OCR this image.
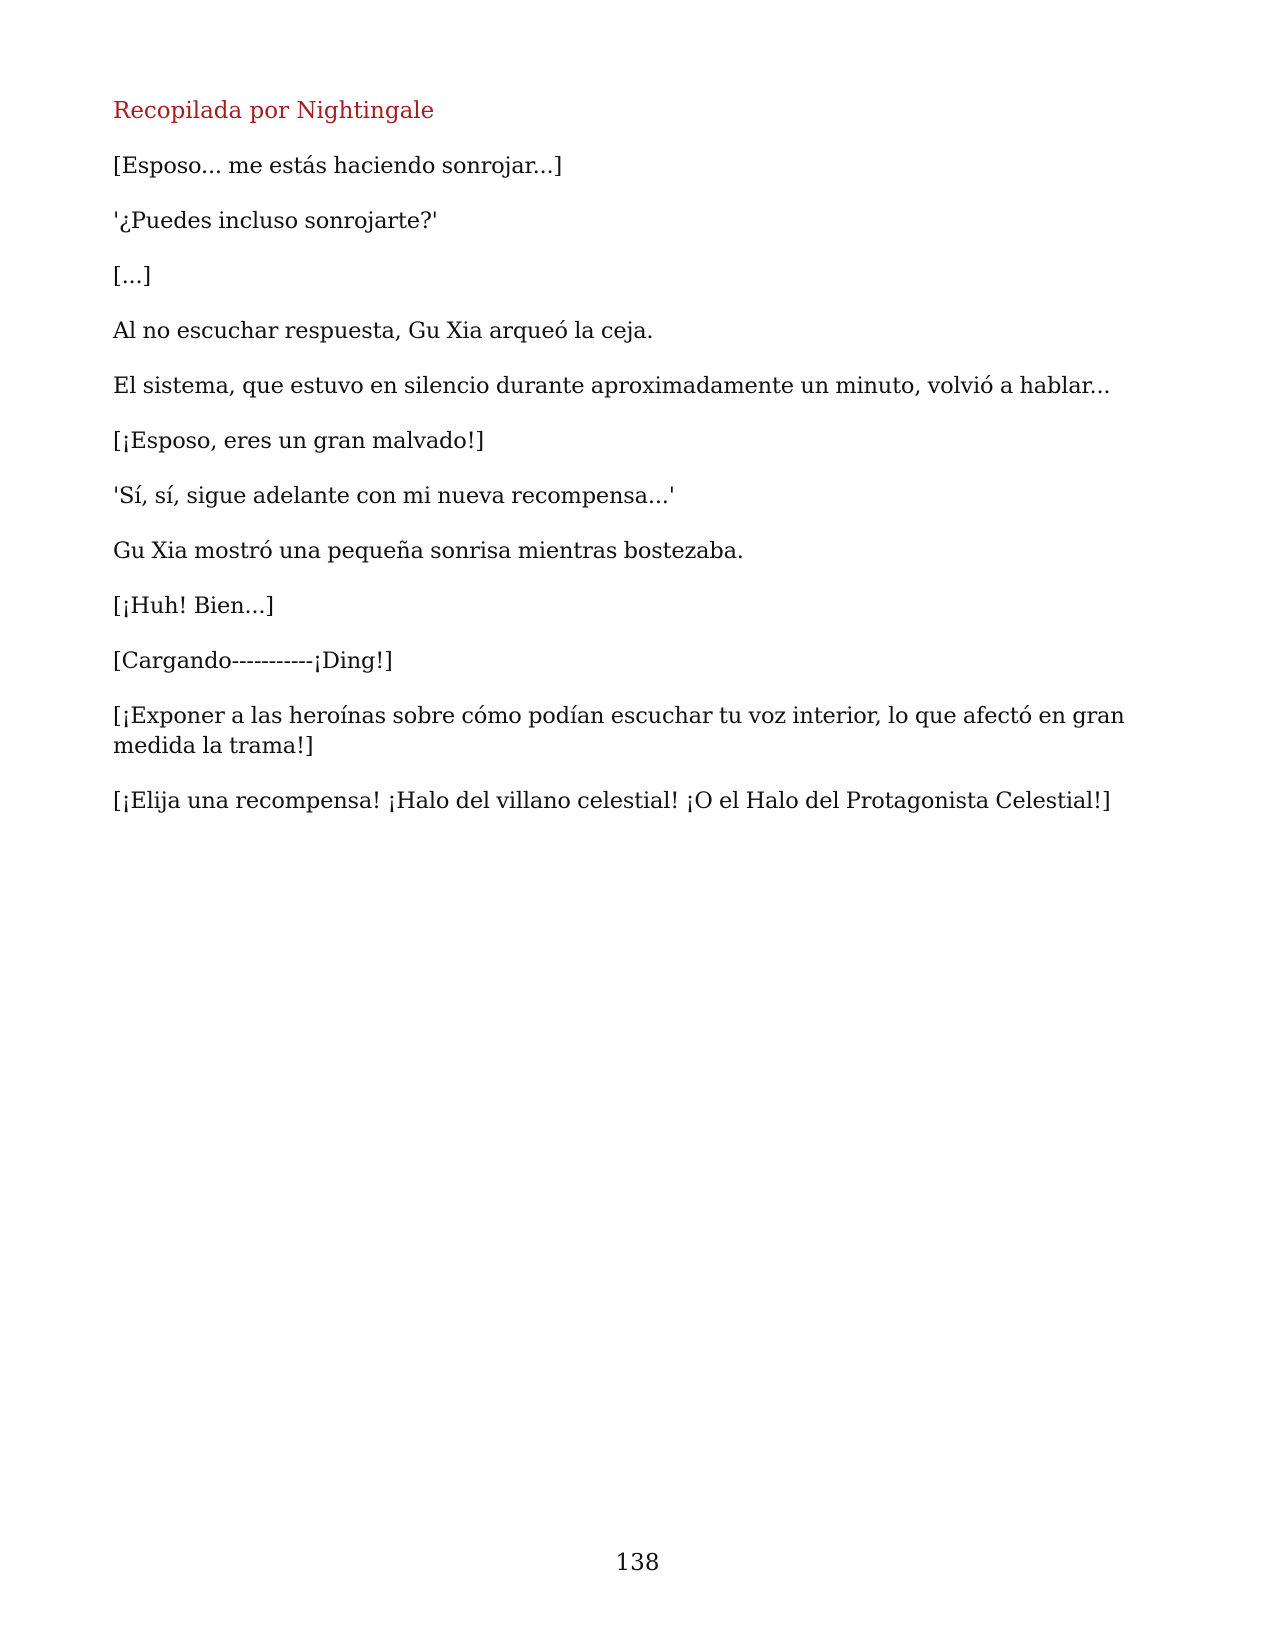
Recopilada por Nightingale

[Esposo... me estás haciendo sonrojar...]

'¿Puedes incluso sonrojarte?'

[...]

Al no escuchar respuesta, Gu Xia arqueó la ceja.

El sistema, que estuvo en silencio durante aproximadamente un minuto, volvió a hablar...

[¡Esposo, eres un gran malvado!]

'Sí, sí, sigue adelante con mi nueva recompensa...'

Gu Xia mostró una pequeña sonrisa mientras bostezaba.

[¡Huh! Bien...]

[Cargando-----------¡Ding!]

[¡Exponer a las heroínas sobre cómo podían escuchar tu voz interior, lo que afectó en gran medida la trama!]

[¡Elija una recompensa! ¡Halo del villano celestial! ¡O el Halo del Protagonista Celestial!]

138
